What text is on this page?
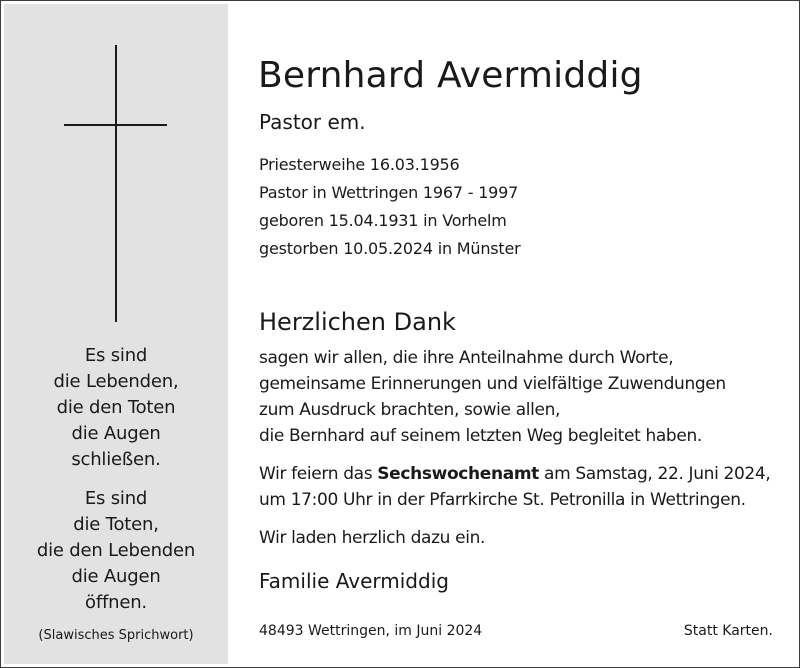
Es sind
die Lebenden,
die den Toten
die Augen
schließen.
Es sind
die Toten,
die den Lebenden
die Augen
öffnen.
(Slawisches Sprichwort)
Bernhard Avermiddig
Pastor em.
Priesterweihe 16.03.1956
Pastor in Wettringen 1967 - 1997
geboren 15.04.1931 in Vorhelm
gestorben 10.05.2024 in Münster
Herzlichen Dank
sagen wir allen, die ihre Anteilnahme durch Worte,
gemeinsame Erinnerungen und vielfältige Zuwendungen
zum Ausdruck brachten, sowie allen,
die Bernhard auf seinem letzten Weg begleitet haben.
Wir feiern das Sechswochenamt am Samstag, 22. Juni 2024,
um 17:00 Uhr in der Pfarrkirche St. Petronilla in Wettringen.
Wir laden herzlich dazu ein.
Familie Avermiddig
48493 Wettringen, im Juni 2024	Statt Karten.
